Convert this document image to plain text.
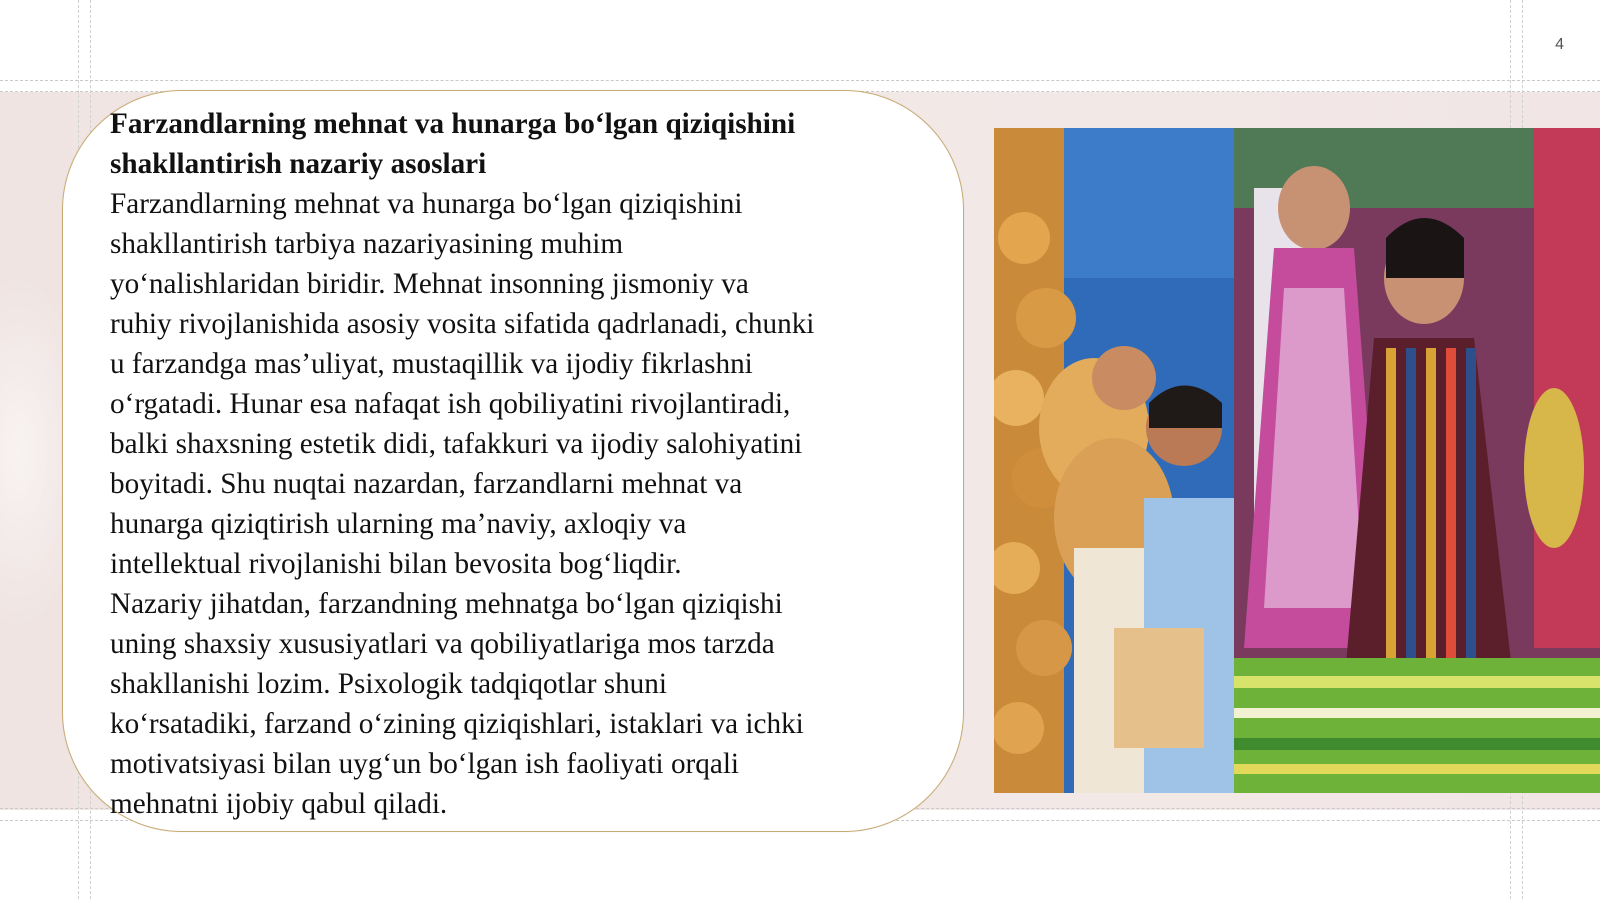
4
Farzandlarning mehnat va hunarga boʻlgan qiziqishini
shakllantirish nazariy asoslari
Farzandlarning mehnat va hunarga boʻlgan qiziqishini
shakllantirish tarbiya nazariyasining muhim
yoʻnalishlaridan biridir. Mehnat insonning jismoniy va
ruhiy rivojlanishida asosiy vosita sifatida qadrlanadi, chunki
u farzandga mas’uliyat, mustaqillik va ijodiy fikrlashni
oʻrgatadi. Hunar esa nafaqat ish qobiliyatini rivojlantiradi,
balki shaxsning estetik didi, tafakkuri va ijodiy salohiyatini
boyitadi. Shu nuqtai nazardan, farzandlarni mehnat va
hunarga qiziqtirish ularning ma’naviy, axloqiy va
intellektual rivojlanishi bilan bevosita bogʻliqdir.
Nazariy jihatdan, farzandning mehnatga boʻlgan qiziqishi
uning shaxsiy xususiyatlari va qobiliyatlariga mos tarzda
shakllanishi lozim. Psixologik tadqiqotlar shuni
koʻrsatadiki, farzand oʻzining qiziqishlari, istaklari va ichki
motivatsiyasi bilan uygʻun boʻlgan ish faoliyati orqali
mehnatni ijobiy qabul qiladi.
